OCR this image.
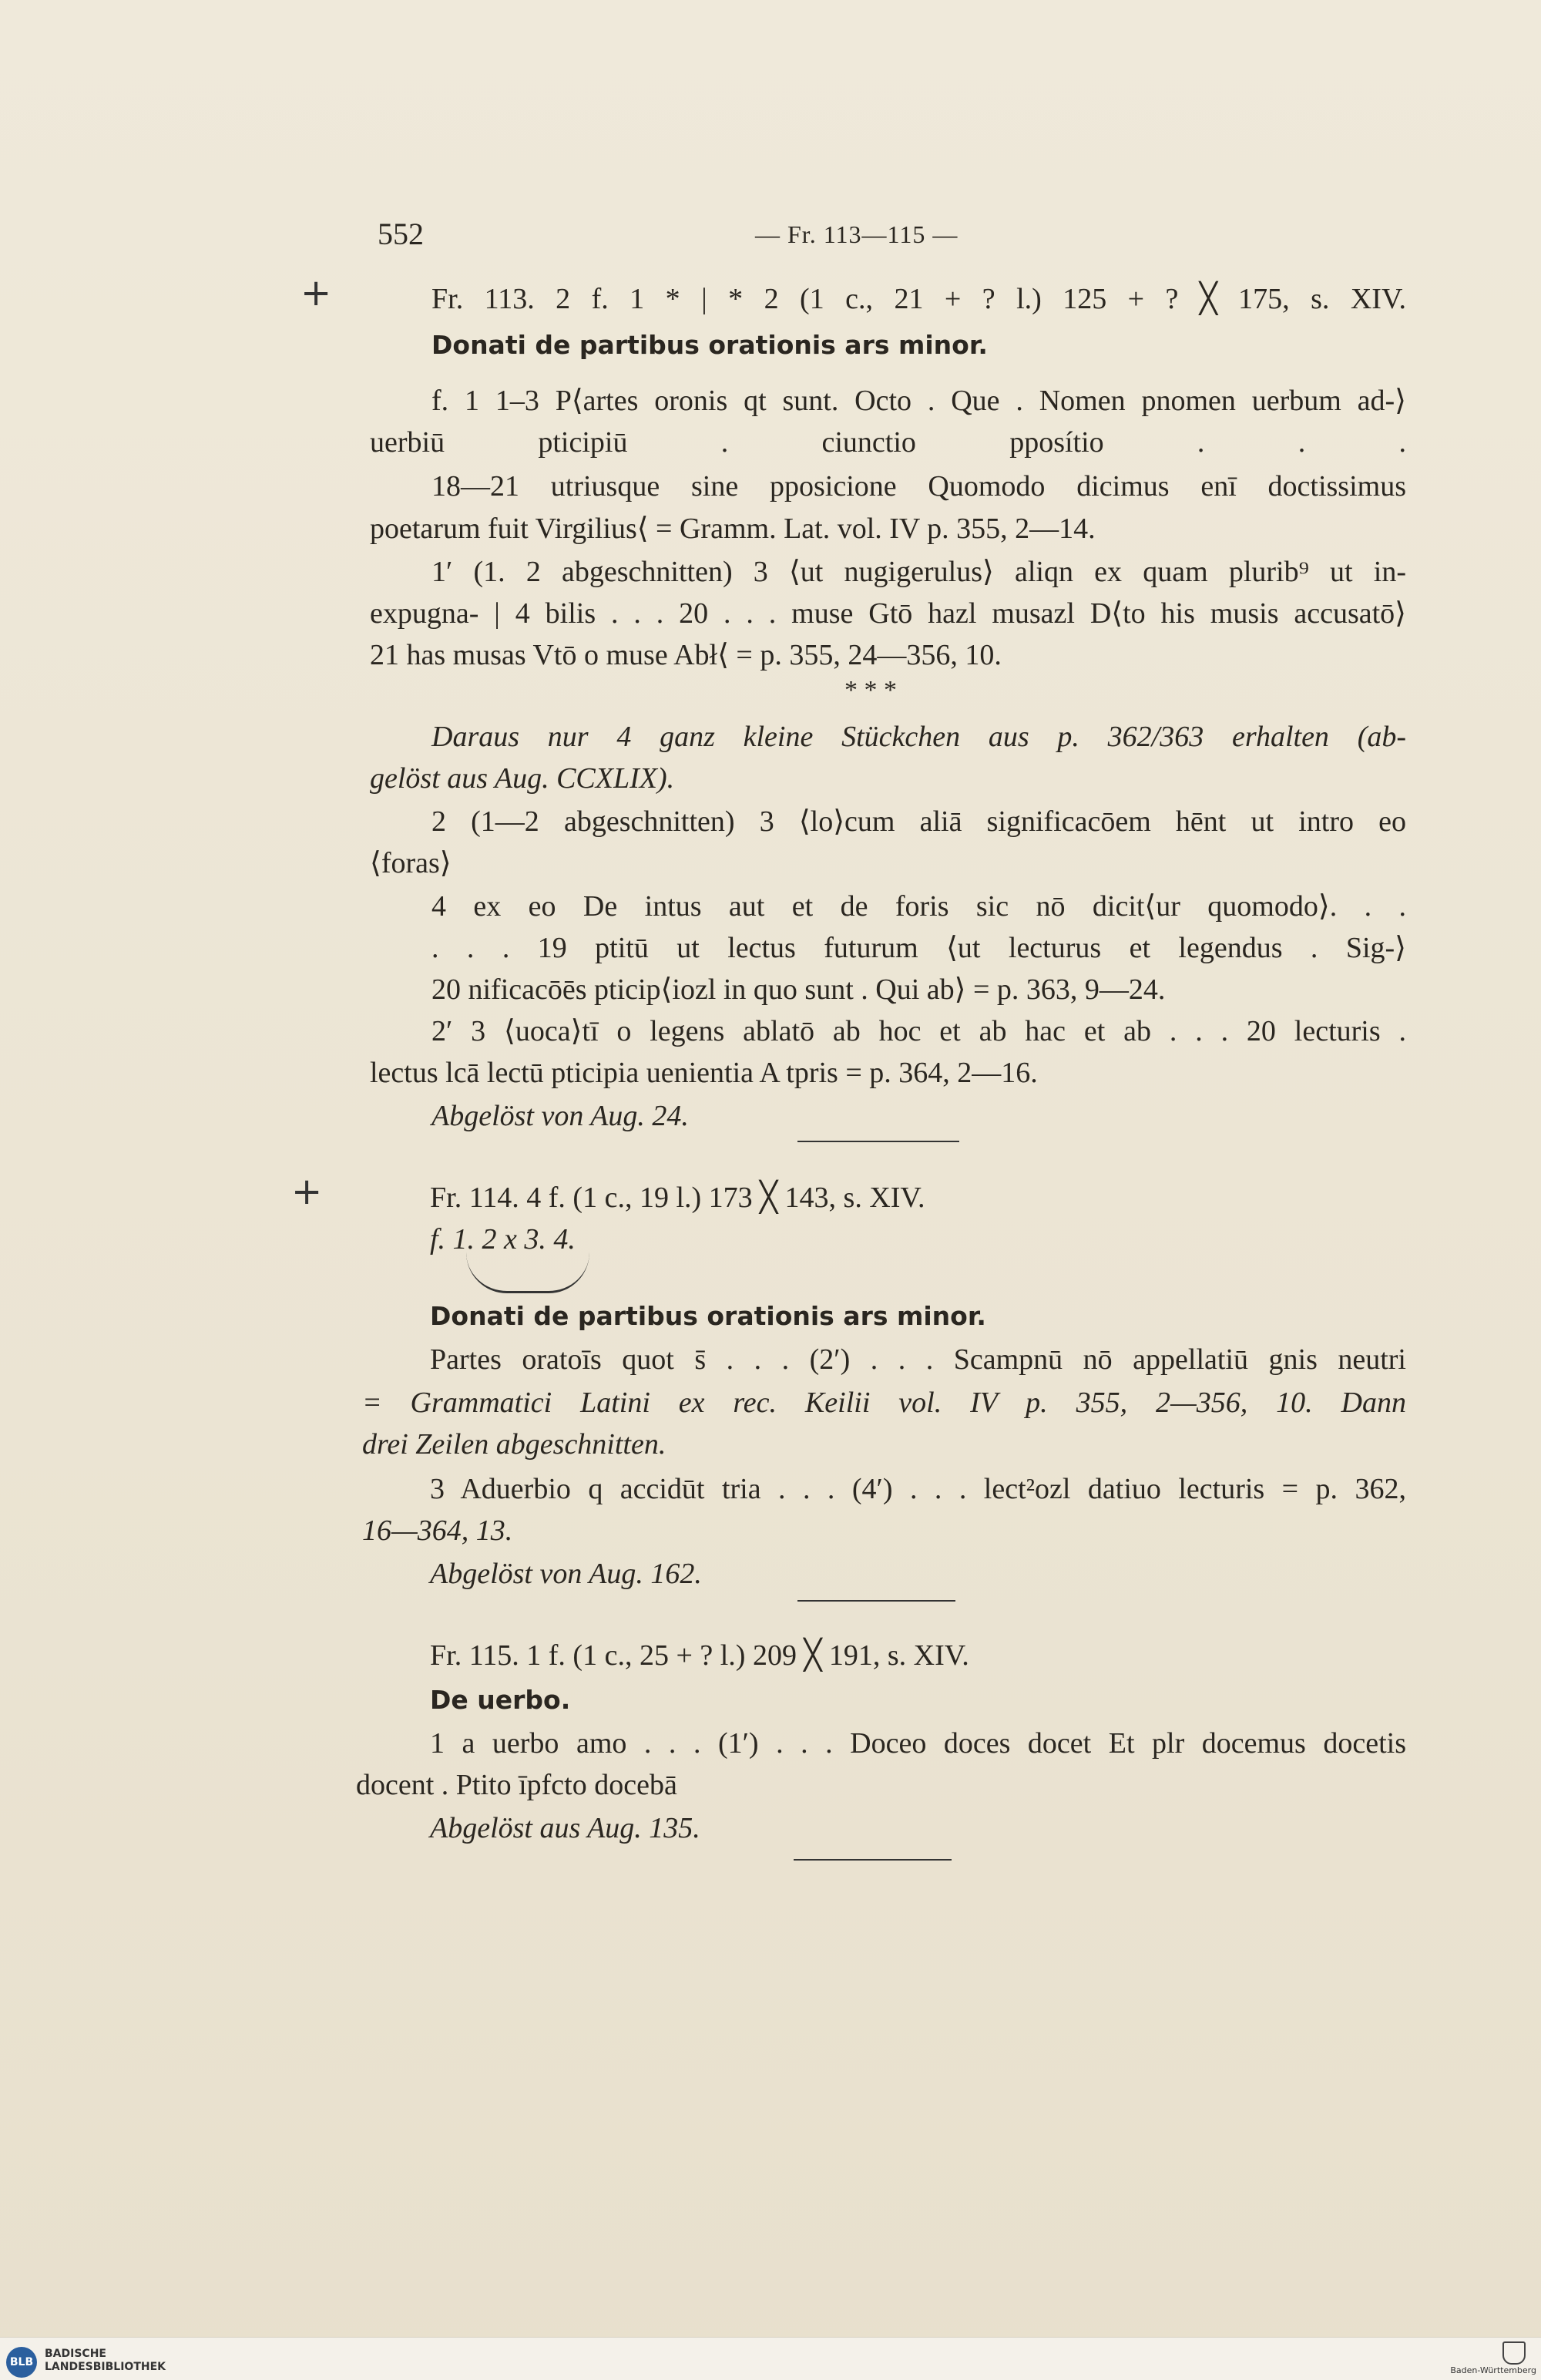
552	— Fr. 113—115 —
+
+
Fr. 113. 2 f. 1 * | * 2 (1 c., 21 + ? l.) 125 + ? ╳ 175, s. XIV.
Donati de partibus orationis ars minor.
f. 1 1–3 P⟨artes oronis qt sunt. Octo . Que . Nomen pnomen uerbum ad-⟩
uerbiū pticipiū . ciunctio pposítio . . .
18—21 utriusque sine pposicione Quomodo dicimus enī doctissimus
poetarum fuit Virgilius⟨ = Gramm. Lat. vol. IV p. 355, 2—14.
1′ (1. 2 abgeschnitten) 3 ⟨ut nugigerulus⟩ aliqn ex quam plurib⁹ ut in-
expugna- | 4 bilis . . . 20 . . . muse Gtō hazl musazl D⟨to his musis accusatō⟩
21 has musas Vtō o muse Abł⟨ = p. 355, 24—356, 10.
* * *
Daraus nur 4 ganz kleine Stückchen aus p. 362/363 erhalten (ab-
gelöst aus Aug. CCXLIX).
2 (1—2 abgeschnitten) 3 ⟨lo⟩cum aliā significacōem hēnt ut intro eo
⟨foras⟩
4 ex eo De intus aut et de foris sic nō dicit⟨ur quomodo⟩. . .
. . . 19 ptitū ut lectus futurum ⟨ut lecturus et legendus . Sig-⟩
20 nificacōēs pticip⟨iozl in quo sunt . Qui ab⟩ = p. 363, 9—24.
2′ 3 ⟨uoca⟩tī o legens ablatō ab hoc et ab hac et ab . . . 20 lecturis .
lectus lcā lectū pticipia uenientia A tpris = p. 364, 2—16.
Abgelöst von Aug. 24.
Fr. 114. 4 f. (1 c., 19 l.) 173 ╳ 143, s. XIV.
f. 1. 2 x 3. 4.
Donati de partibus orationis ars minor.
Partes oratoīs quot s̄ . . . (2′) . . . Scampnū nō appellatiū gnis neutri
= Grammatici Latini ex rec. Keilii vol. IV p. 355, 2—356, 10. Dann
drei Zeilen abgeschnitten.
3 Aduerbio q accidūt tria . . . (4′) . . . lect²ozl datiuo lecturis = p. 362,
16—364, 13.
Abgelöst von Aug. 162.
Fr. 115. 1 f. (1 c., 25 + ? l.) 209 ╳ 191, s. XIV.
De uerbo.
1 a uerbo amo . . . (1′) . . . Doceo doces docet Et plr docemus docetis
docent . Ptito īpfcto docebā
Abgelöst aus Aug. 135.
BLB
BADISCHE
LANDESBIBLIOTHEK	Baden-Württemberg
